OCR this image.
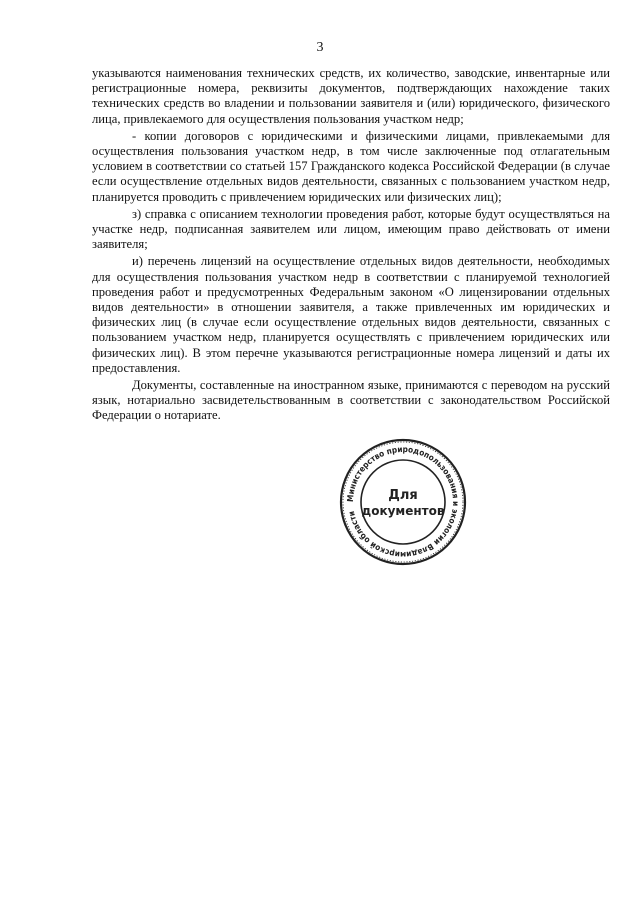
3

указываются наименования технических средств, их количество, заводские, инвентарные или регистрационные номера, реквизиты документов, подтверждающих нахождение таких технических средств во владении и пользовании заявителя и (или) юридического, физического лица, привлекаемого для осуществления пользования участком недр;

- копии договоров с юридическими и физическими лицами, привлекаемыми для осуществления пользования участком недр, в том числе заключенные под отлагательным условием в соответствии со статьей 157 Гражданского кодекса Российской Федерации (в случае если осуществление отдельных видов деятельности, связанных с пользованием участком недр, планируется проводить с привлечением юридических или физических лиц);

з) справка с описанием технологии проведения работ, которые будут осуществляться на участке недр, подписанная заявителем или лицом, имеющим право действовать от имени заявителя;

и) перечень лицензий на осуществление отдельных видов деятельности, необходимых для осуществления пользования участком недр в соответствии с планируемой технологией проведения работ и предусмотренных Федеральным законом «О лицензировании отдельных видов деятельности» в отношении заявителя, а также привлеченных им юридических и физических лиц (в случае если осуществление отдельных видов деятельности, связанных с пользованием участком недр, планируется осуществлять с привлечением юридических или физических лиц). В этом перечне указываются регистрационные номера лицензий и даты их предоставления.

Документы, составленные на иностранном языке, принимаются с переводом на русский язык, нотариально засвидетельствованным в соответствии с законодательством Российской Федерации о нотариате.

Министерство природопользования и экологии Владимирской области
Для
документов
